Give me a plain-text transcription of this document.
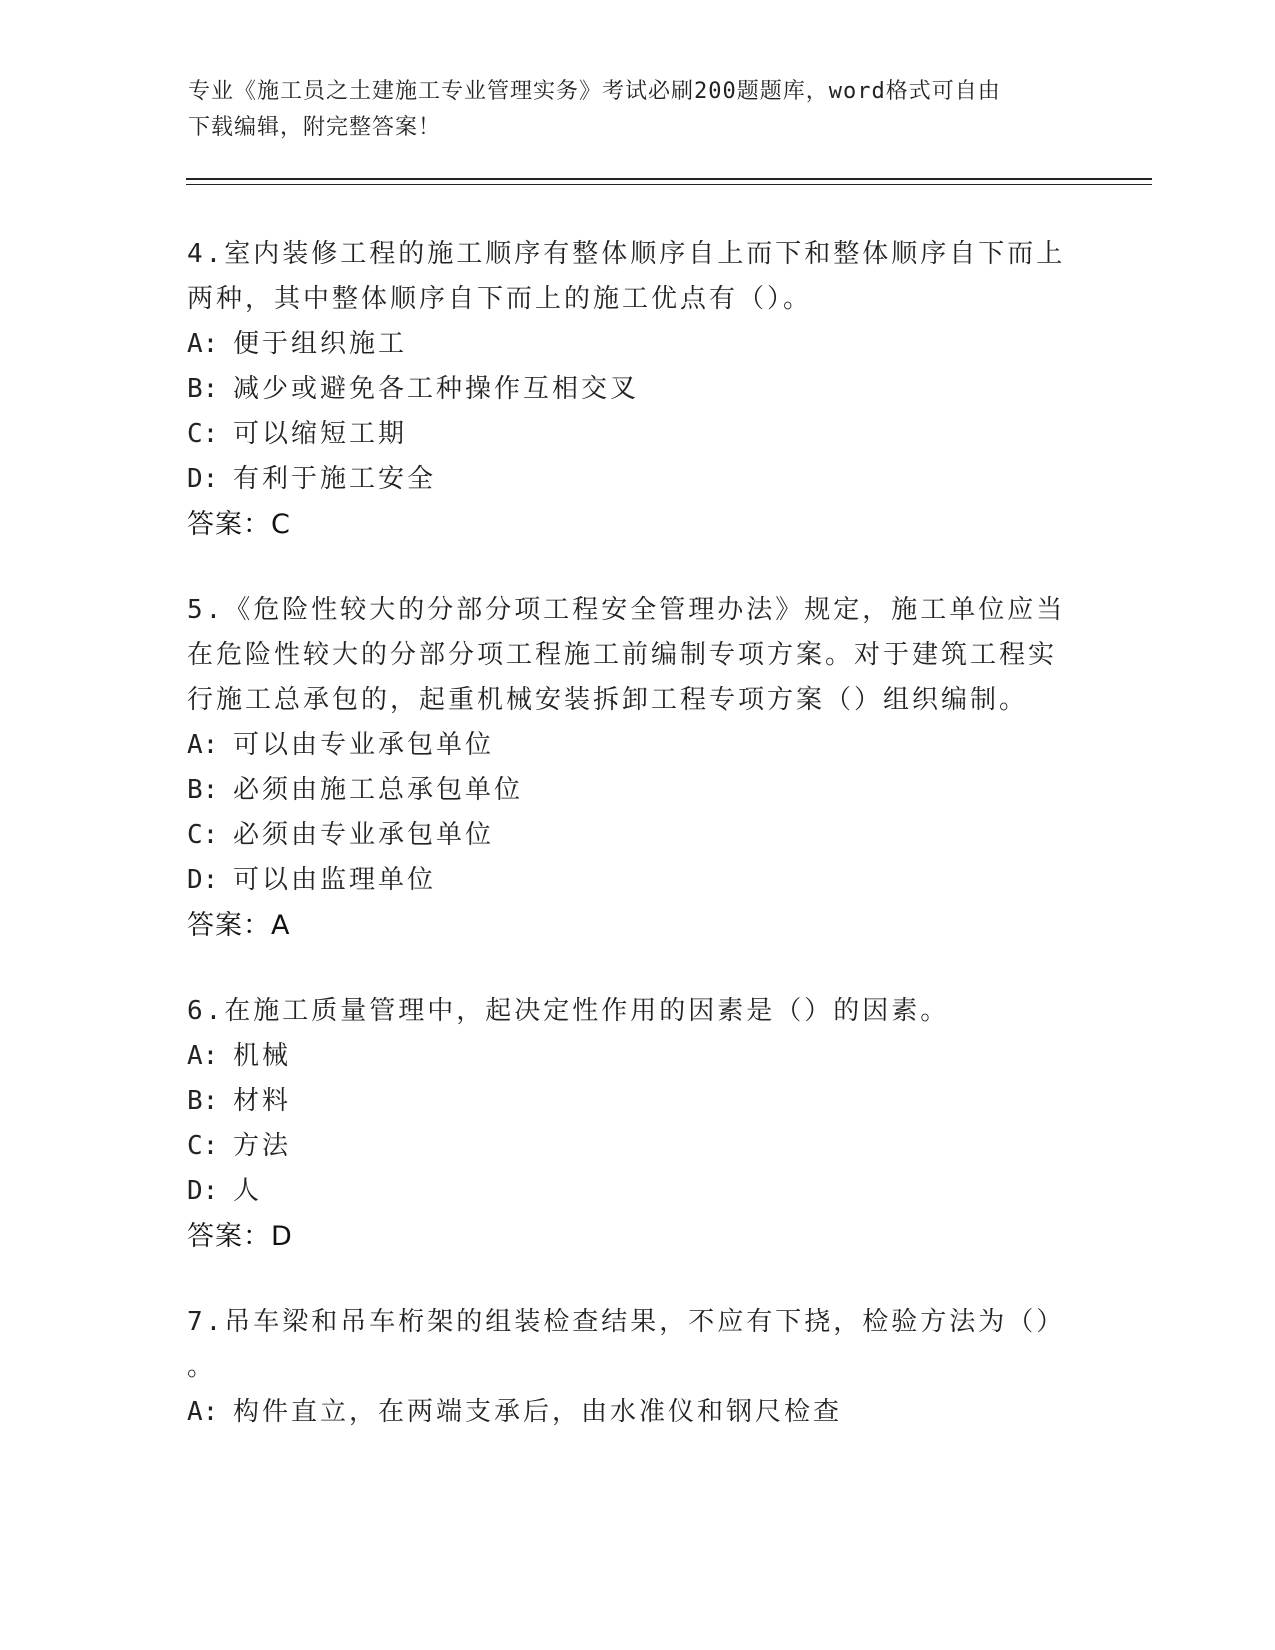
专业《施工员之土建施工专业管理实务》考试必刷200题题库，word格式可自由
下载编辑，附完整答案！

4.室内装修工程的施工顺序有整体顺序自上而下和整体顺序自下而上

两种，其中整体顺序自下而上的施工优点有（）。

A: 便于组织施工

B: 减少或避免各工种操作互相交叉

C: 可以缩短工期

D: 有利于施工安全

答案：C

5.《危险性较大的分部分项工程安全管理办法》规定，施工单位应当

在危险性较大的分部分项工程施工前编制专项方案。对于建筑工程实

行施工总承包的，起重机械安装拆卸工程专项方案（）组织编制。

A: 可以由专业承包单位

B: 必须由施工总承包单位

C: 必须由专业承包单位

D: 可以由监理单位

答案：A

6.在施工质量管理中，起决定性作用的因素是（）的因素。

A: 机械

B: 材料

C: 方法

D: 人

答案：D

7.吊车梁和吊车桁架的组装检查结果，不应有下挠，检验方法为（）

。

A: 构件直立，在两端支承后，由水准仪和钢尺检查
